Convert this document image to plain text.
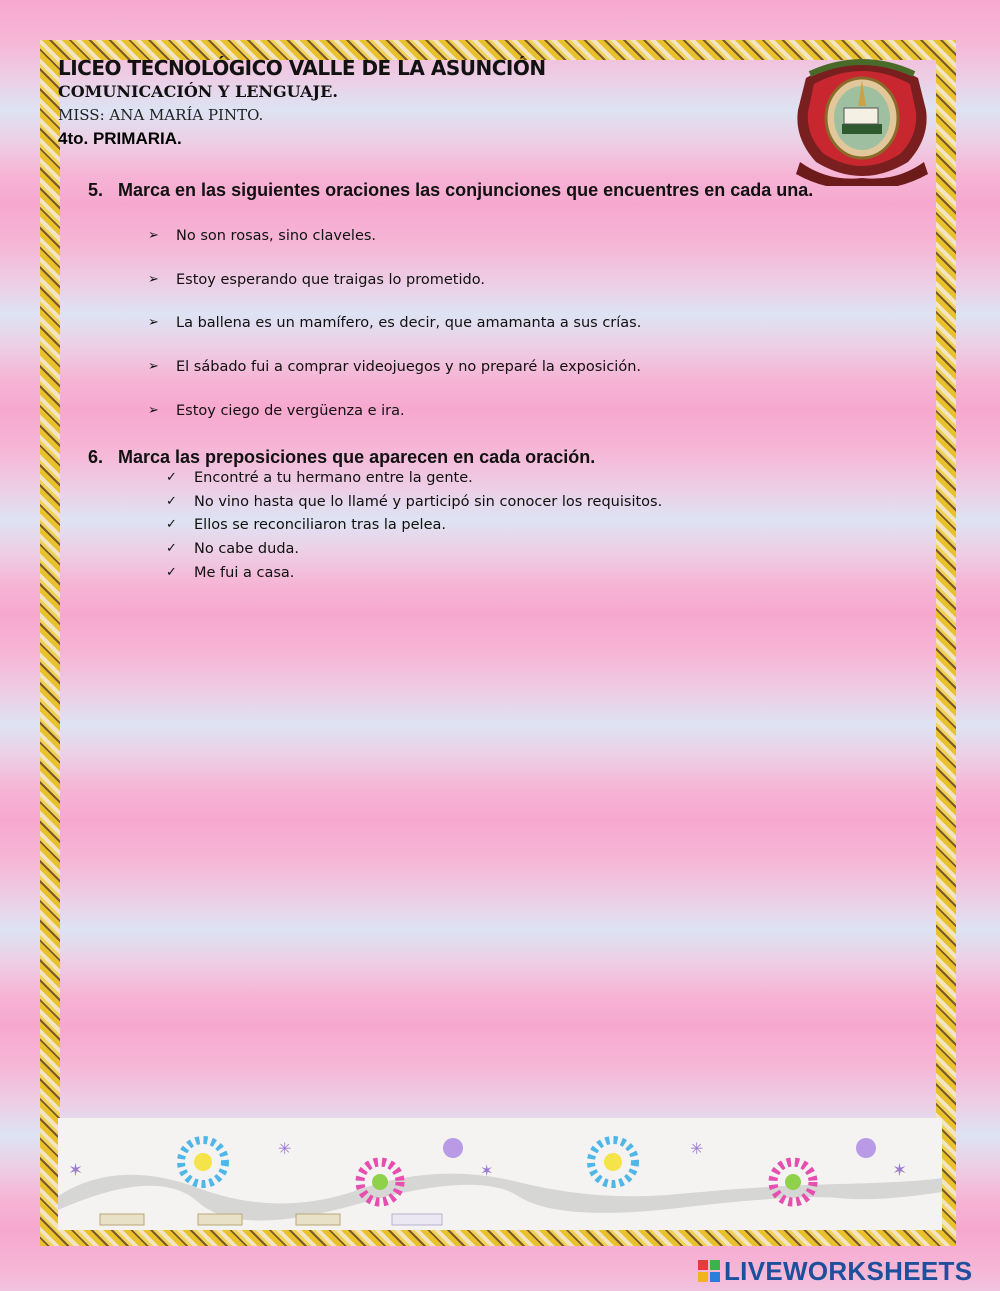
LICEO TECNOLÓGICO VALLE DE LA ASUNCIÓN
COMUNICACIÓN Y LENGUAJE.
MISS: ANA MARÍA PINTO.
4to. PRIMARIA.
5. Marca en las siguientes oraciones las conjunciones que encuentres en cada una.
➢ No son rosas, sino claveles.
➢ Estoy esperando que traigas lo prometido.
➢ La ballena es un mamífero, es decir, que amamanta a sus crías.
➢ El sábado fui a comprar videojuegos y no preparé la exposición.
➢ Estoy ciego de vergüenza e ira.
6. Marca las preposiciones que aparecen en cada oración.
✓ Encontré a tu hermano entre la gente.
✓ No vino hasta que lo llamé y participó sin conocer los requisitos.
✓ Ellos se reconciliaron tras la pelea.
✓ No cabe duda.
✓ Me fui a casa.
✶
✳
✶
✳
✶
LIVEWORKSHEETS
